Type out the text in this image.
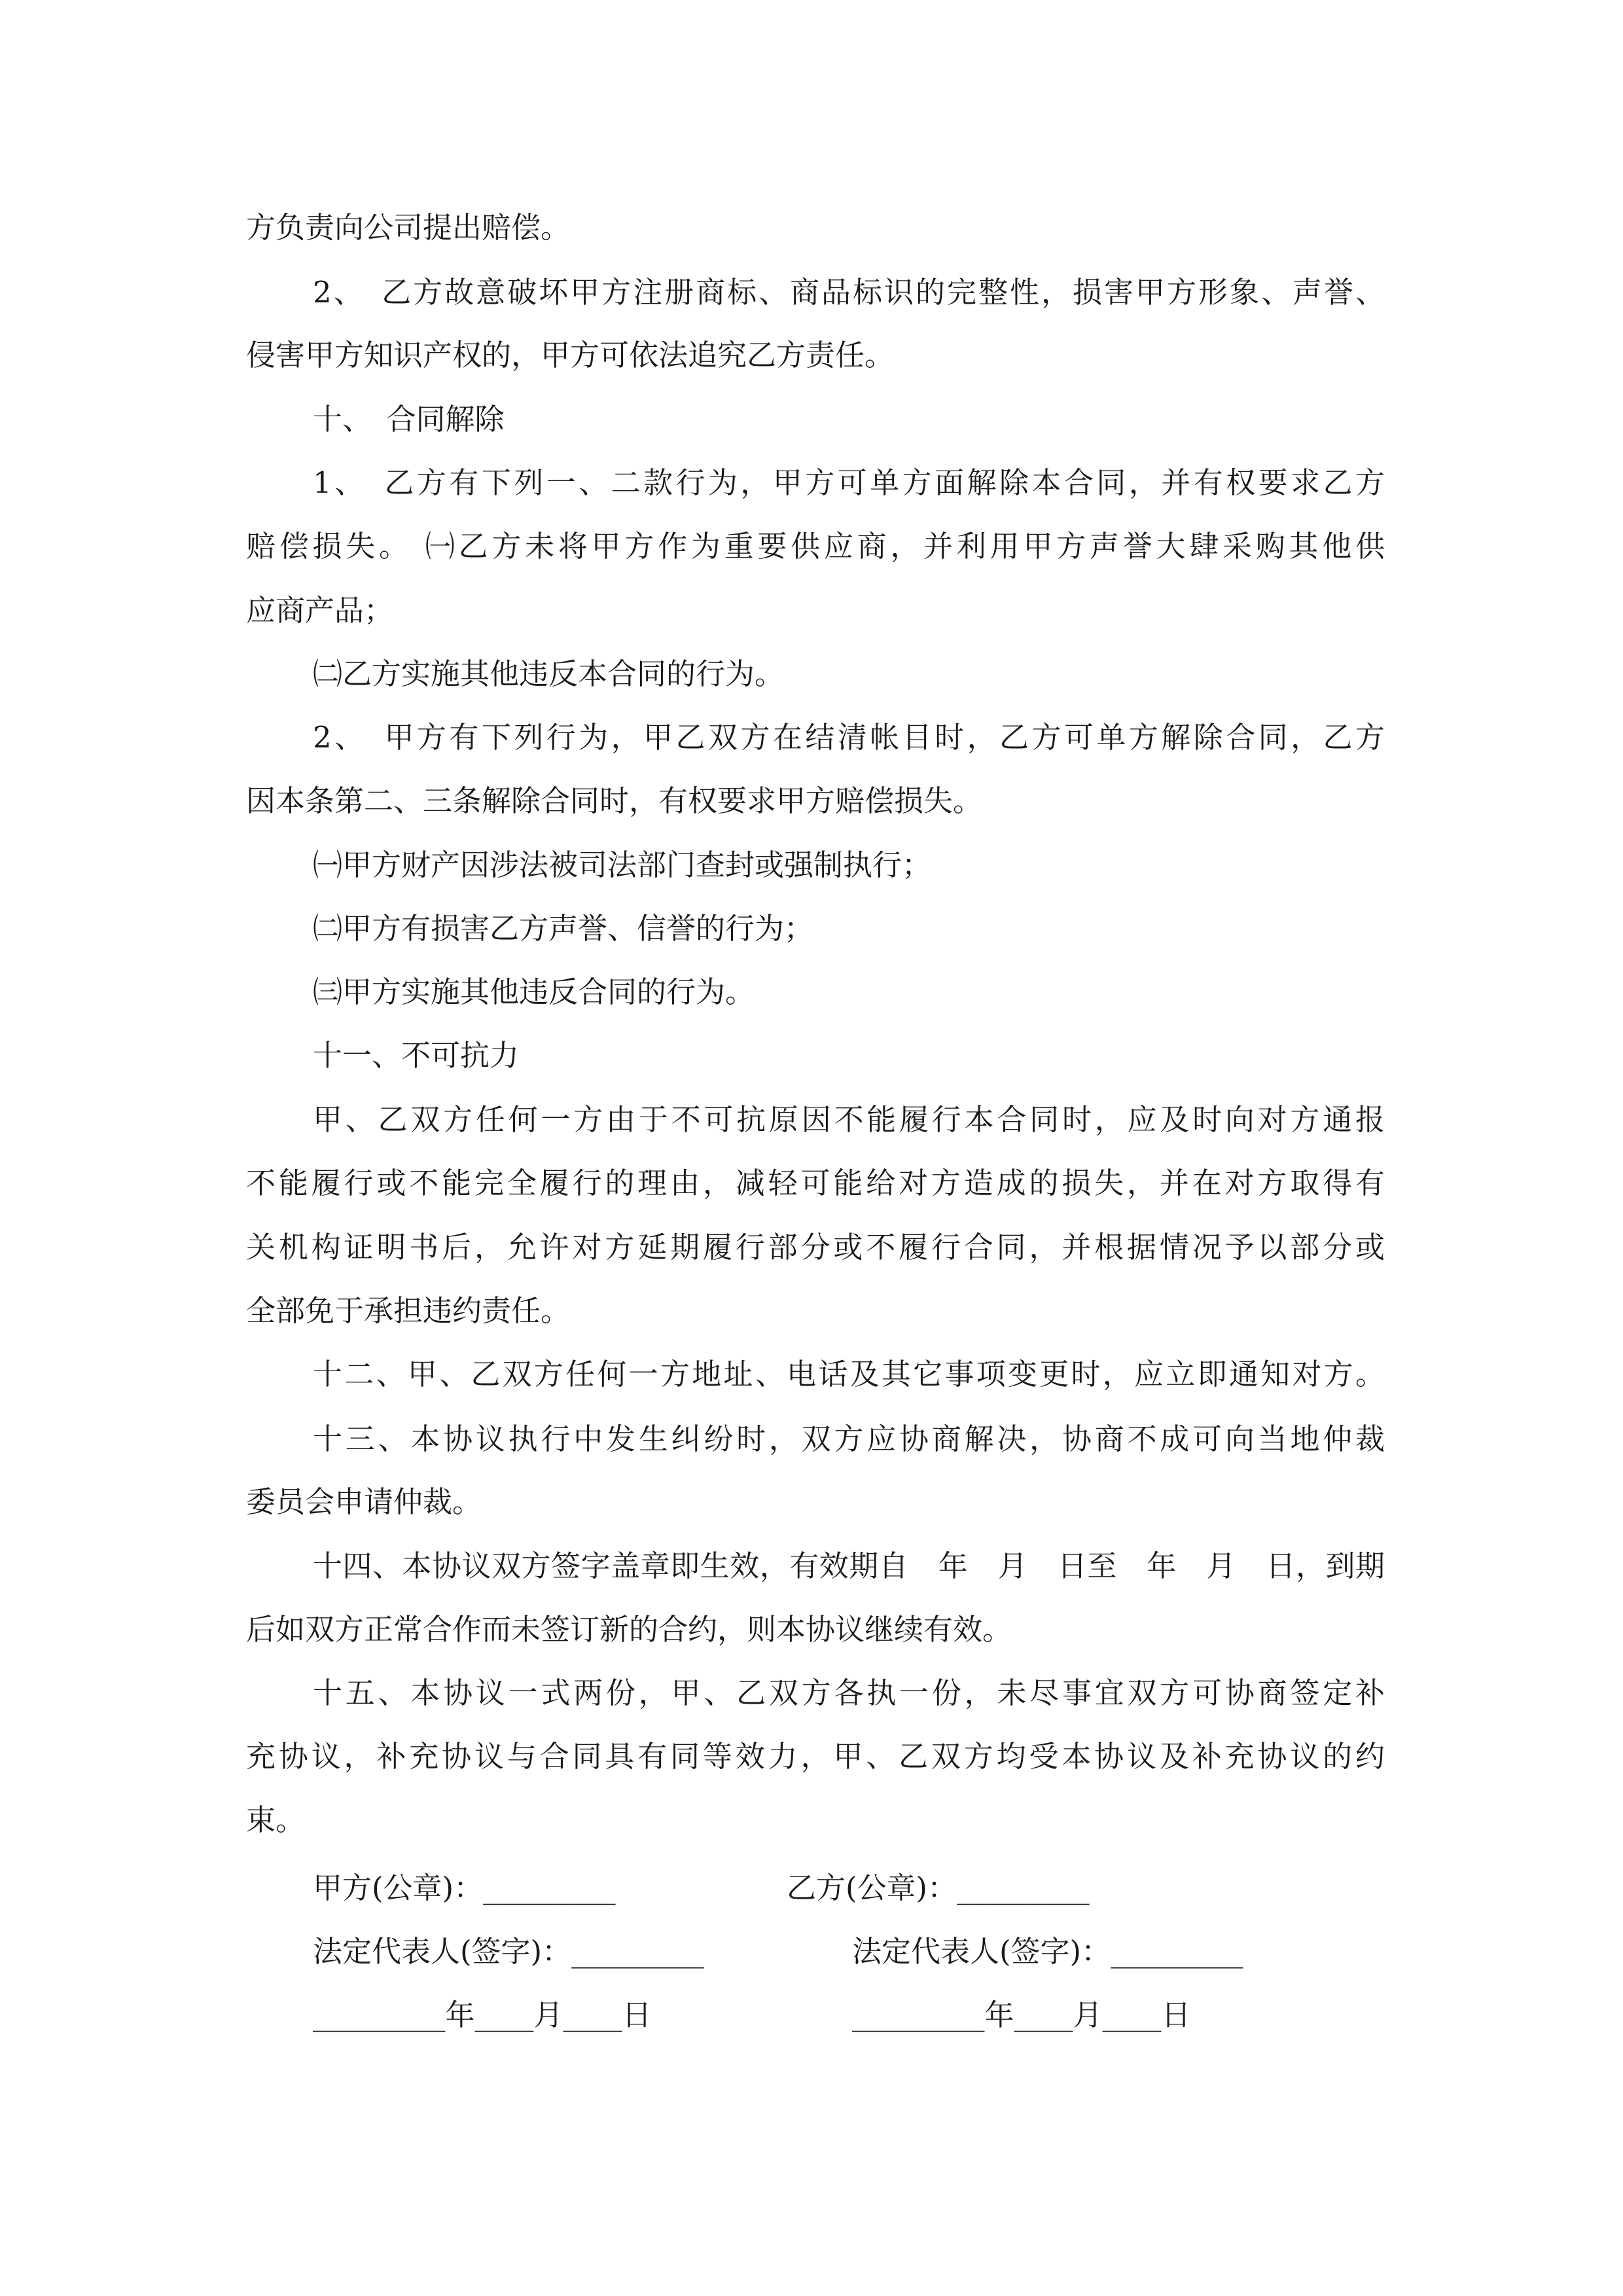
方负责向公司提出赔偿。
2、　乙方故意破坏甲方注册商标、商品标识的完整性，损害甲方形象、声誉、
侵害甲方知识产权的，甲方可依法追究乙方责任。
十、　合同解除
1、　乙方有下列一、二款行为，甲方可单方面解除本合同，并有权要求乙方
赔偿损失。 ㈠乙方未将甲方作为重要供应商，并利用甲方声誉大肆采购其他供
应商产品；
㈡乙方实施其他违反本合同的行为。
2、　甲方有下列行为，甲乙双方在结清帐目时，乙方可单方解除合同，乙方
因本条第二、三条解除合同时，有权要求甲方赔偿损失。
㈠甲方财产因涉法被司法部门查封或强制执行；
㈡甲方有损害乙方声誉、信誉的行为；
㈢甲方实施其他违反合同的行为。
十一、不可抗力
甲、乙双方任何一方由于不可抗原因不能履行本合同时，应及时向对方通报
不能履行或不能完全履行的理由，减轻可能给对方造成的损失，并在对方取得有
关机构证明书后，允许对方延期履行部分或不履行合同，并根据情况予以部分或
全部免于承担违约责任。
十二、甲、乙双方任何一方地址、电话及其它事项变更时，应立即通知对方。
十三、本协议执行中发生纠纷时，双方应协商解决，协商不成可向当地仲裁
委员会申请仲裁。
十四、本协议双方签字盖章即生效，有效期自　年　月　日至　年　月　日，到期
后如双方正常合作而未签订新的合约，则本协议继续有效。
十五、本协议一式两份，甲、乙双方各执一份，未尽事宜双方可协商签定补
充协议，补充协议与合同具有同等效力，甲、乙双方均受本协议及补充协议的约
束。
甲方(公章)：_________	乙方(公章)：_________
法定代表人(签字)：_________	法定代表人(签字)：_________
_________年____月____日	_________年____月____日
